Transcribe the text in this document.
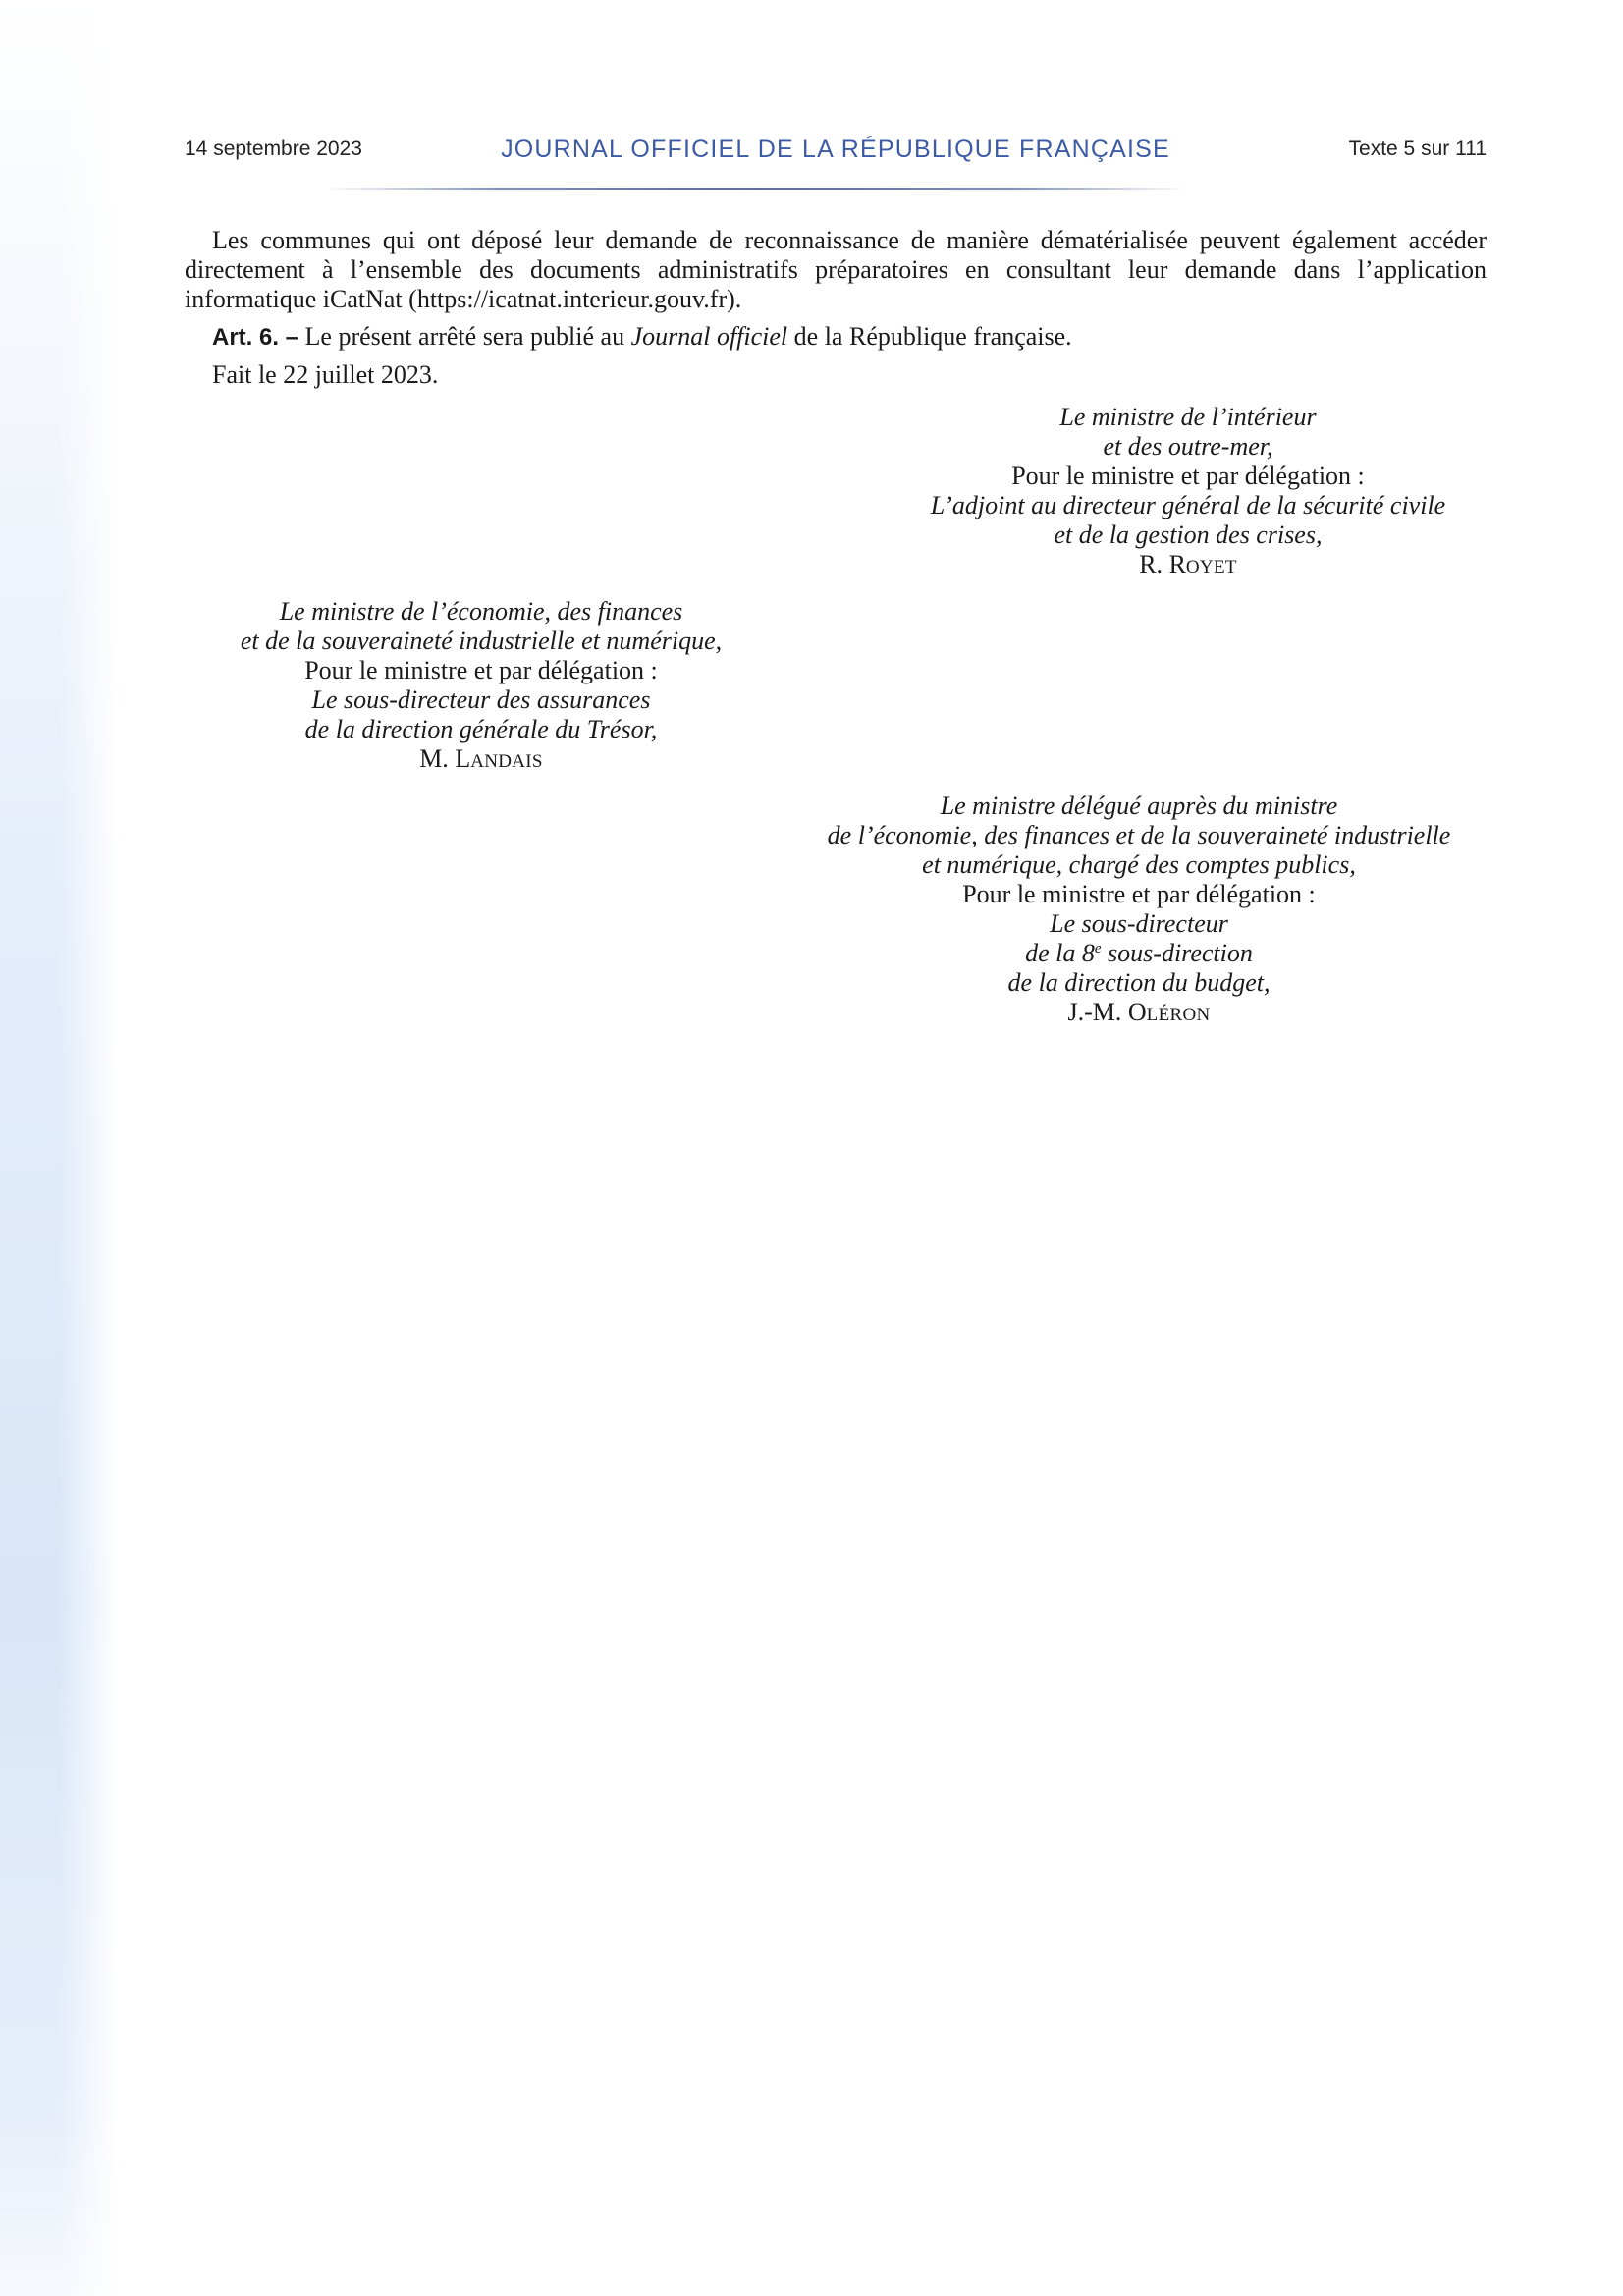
14 septembre 2023	JOURNAL OFFICIEL DE LA RÉPUBLIQUE FRANÇAISE	Texte 5 sur 111

Les communes qui ont déposé leur demande de reconnaissance de manière dématérialisée peuvent également accéder directement à l’ensemble des documents administratifs préparatoires en consultant leur demande dans l’application informatique iCatNat (https://icatnat.interieur.gouv.fr).

Art. 6. – Le présent arrêté sera publié au Journal officiel de la République française.

Fait le 22 juillet 2023.

Le ministre de l’intérieur
et des outre-mer,
Pour le ministre et par délégation :
L’adjoint au directeur général de la sécurité civile
et de la gestion des crises,
R. ROYET
Le ministre de l’économie, des finances
et de la souveraineté industrielle et numérique,
Pour le ministre et par délégation :
Le sous-directeur des assurances
de la direction générale du Trésor,
M. LANDAIS
Le ministre délégué auprès du ministre
de l’économie, des finances et de la souveraineté industrielle
et numérique, chargé des comptes publics,
Pour le ministre et par délégation :
Le sous-directeur
de la 8e sous-direction
de la direction du budget,
J.-M. OLÉRON
